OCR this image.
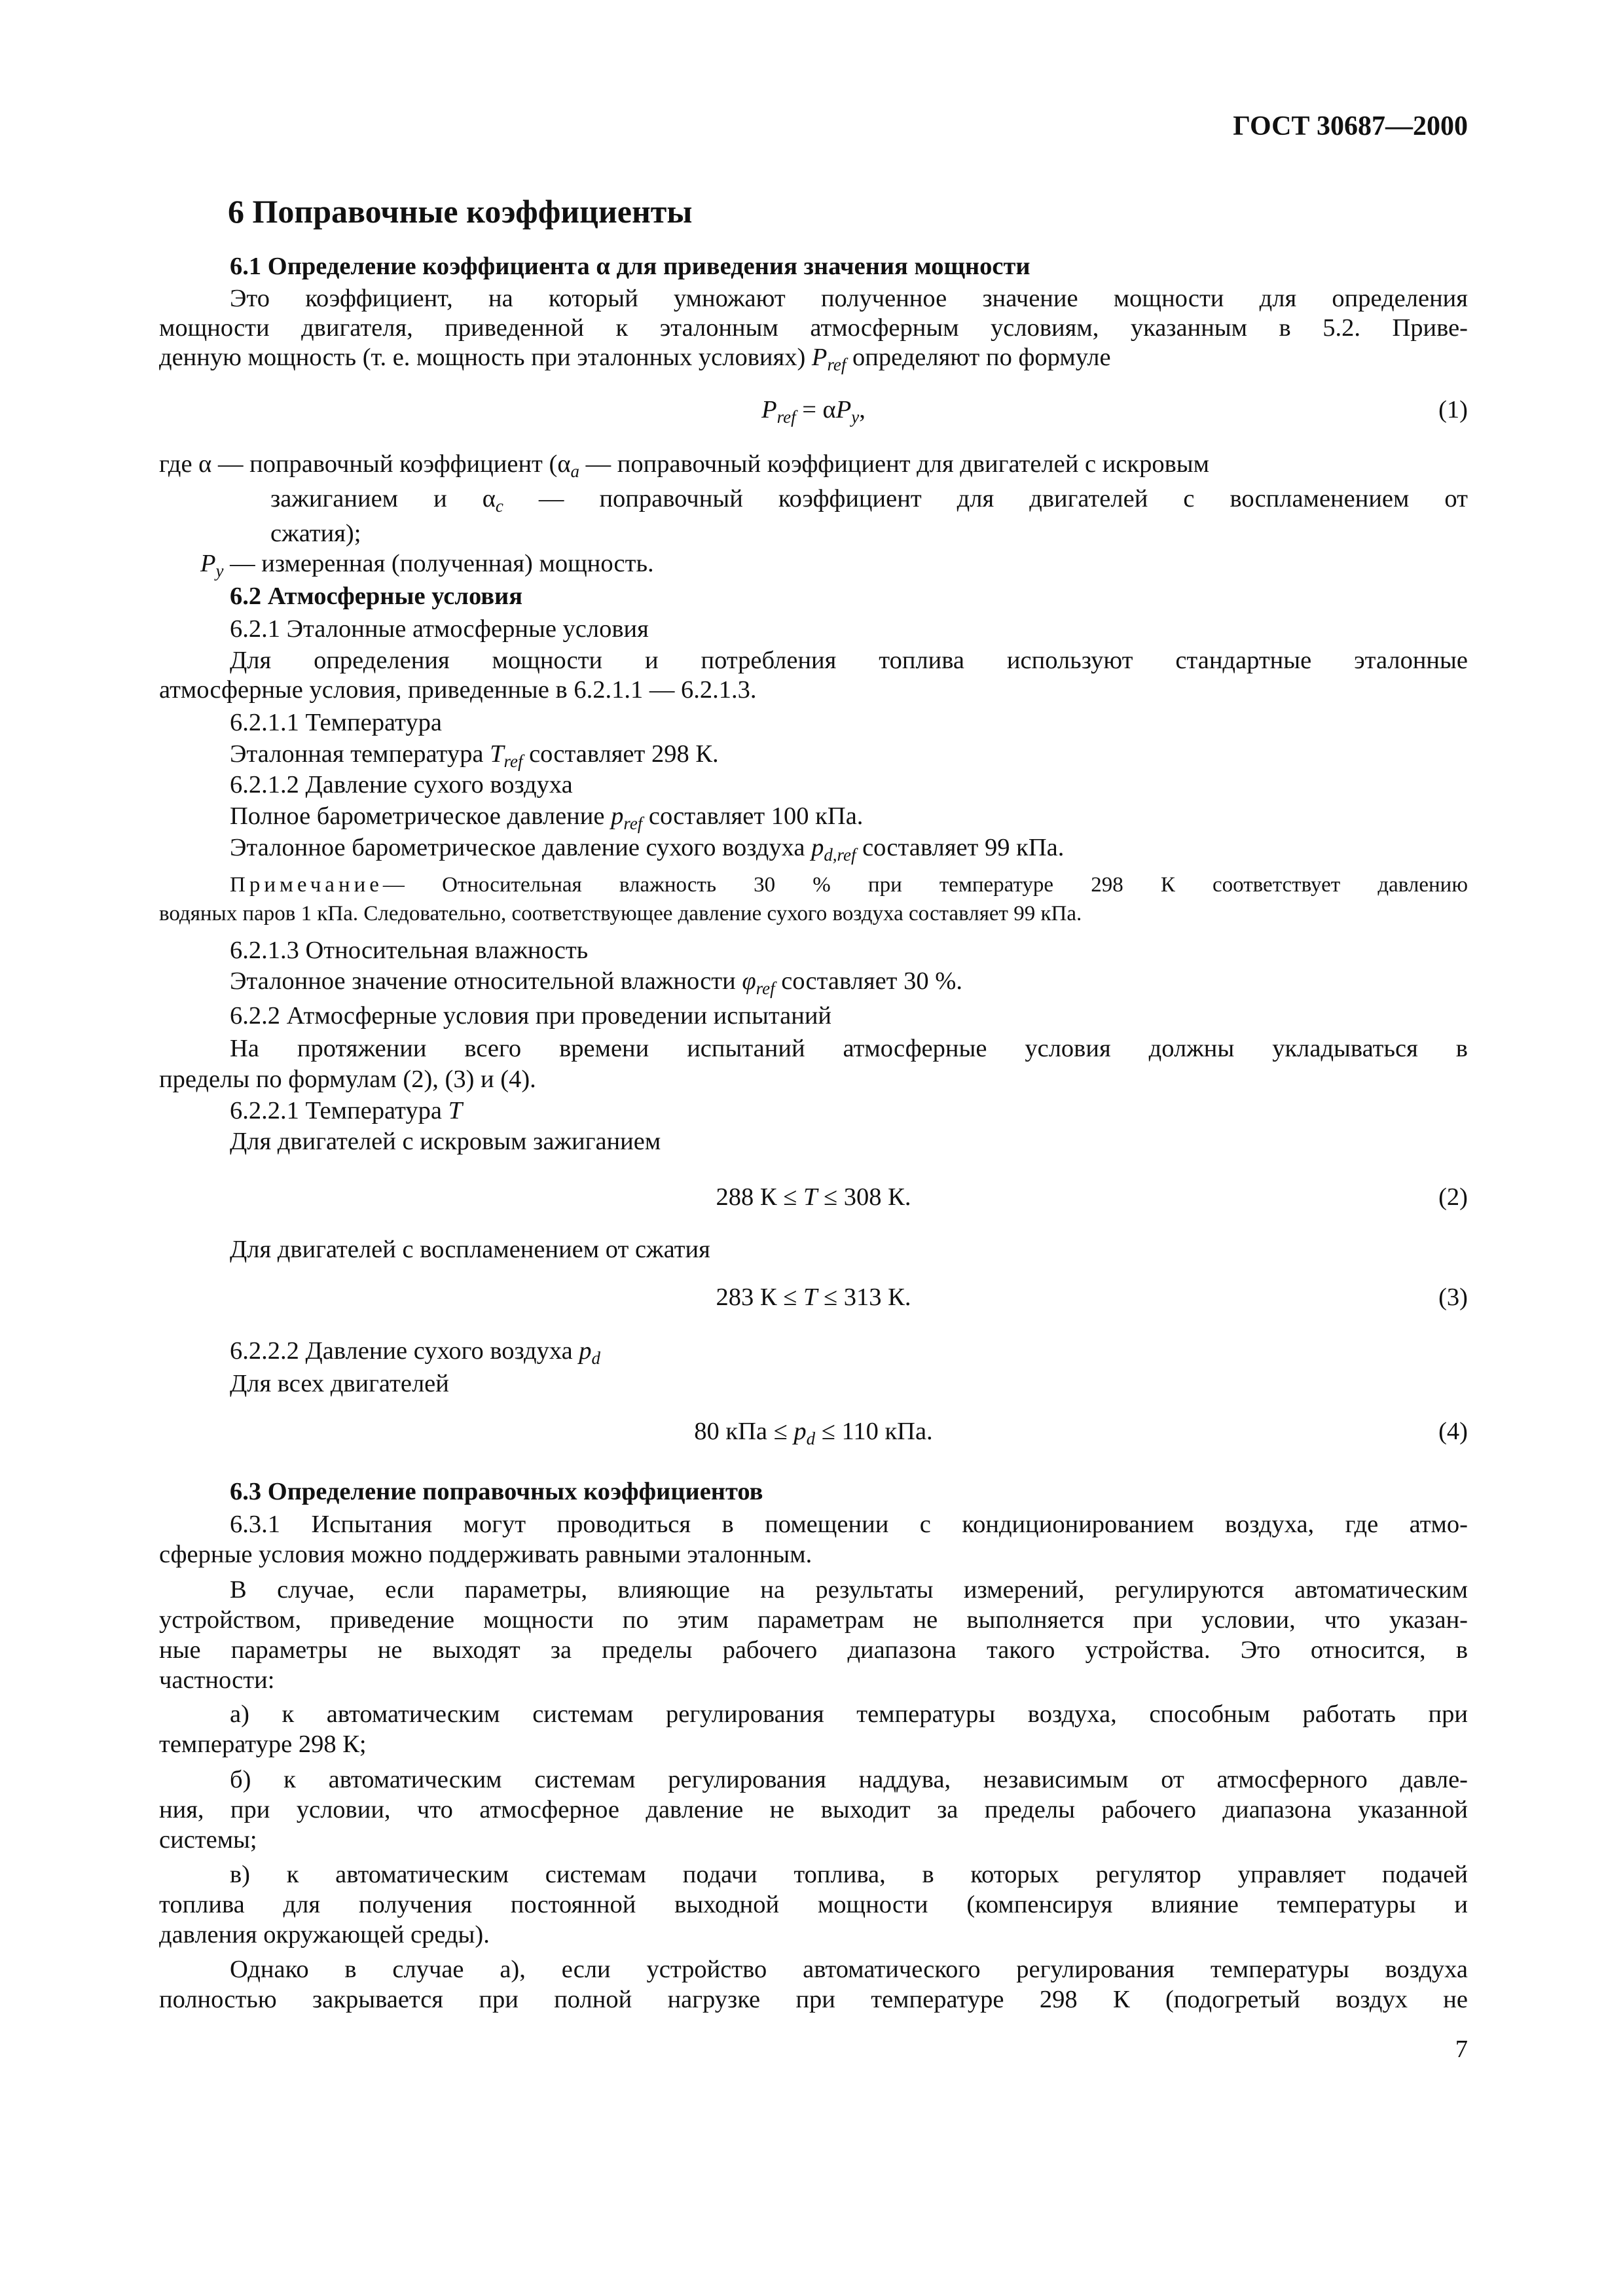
ГОСТ 30687—2000
6 Поправочные коэффициенты
6.1 Определение коэффициента α для приведения значения мощности
Это коэффициент, на который умножают полученное значение мощности для определения
мощности двигателя, приведенной к эталонным атмосферным условиям, указанным в 5.2. Приве-
денную мощность (т. е. мощность при эталонных условиях) $P_{ref}$ определяют по формуле
$P_{ref} = \alpha P_y$,	(1)
где α — поправочный коэффициент ($\alpha_a$ — поправочный коэффициент для двигателей с искровым
зажиганием и $\alpha_c$ — поправочный коэффициент для двигателей с воспламенением от
сжатия);
$P_y$ — измеренная (полученная) мощность.
6.2 Атмосферные условия
6.2.1 Эталонные атмосферные условия
Для определения мощности и потребления топлива используют стандартные эталонные
атмосферные условия, приведенные в 6.2.1.1 — 6.2.1.3.
6.2.1.1 Температура
Эталонная температура $T_{ref}$ составляет 298 К.
6.2.1.2 Давление сухого воздуха
Полное барометрическое давление $p_{ref}$ составляет 100 кПа.
Эталонное барометрическое давление сухого воздуха $p_{d,ref}$ составляет 99 кПа.
Примечание— Относительная влажность 30 % при температуре 298 К соответствует давлению
водяных паров 1 кПа. Следовательно, соответствующее давление сухого воздуха составляет 99 кПа.
6.2.1.3 Относительная влажность
Эталонное значение относительной влажности $\varphi_{ref}$ составляет 30 %.
6.2.2 Атмосферные условия при проведении испытаний
На протяжении всего времени испытаний атмосферные условия должны укладываться в
пределы по формулам (2), (3) и (4).
6.2.2.1 Температура T
Для двигателей с искровым зажиганием
288 К ≤ T ≤ 308 К.	(2)
Для двигателей с воспламенением от сжатия
283 К ≤ T ≤ 313 К.	(3)
6.2.2.2 Давление сухого воздуха $p_d$
Для всех двигателей
80 кПа ≤ $p_d \le 110$ кПа.	(4)
6.3 Определение поправочных коэффициентов
6.3.1 Испытания могут проводиться в помещении с кондиционированием воздуха, где атмо-
сферные условия можно поддерживать равными эталонным.
В случае, если параметры, влияющие на результаты измерений, регулируются автоматическим
устройством, приведение мощности по этим параметрам не выполняется при условии, что указан-
ные параметры не выходят за пределы рабочего диапазона такого устройства. Это относится, в
частности:
а) к автоматическим системам регулирования температуры воздуха, способным работать при
температуре 298 К;
б) к автоматическим системам регулирования наддува, независимым от атмосферного давле-
ния, при условии, что атмосферное давление не выходит за пределы рабочего диапазона указанной
системы;
в) к автоматическим системам подачи топлива, в которых регулятор управляет подачей
топлива для получения постоянной выходной мощности (компенсируя влияние температуры и
давления окружающей среды).
Однако в случае а), если устройство автоматического регулирования температуры воздуха
полностью закрывается при полной нагрузке при температуре 298 К (подогретый воздух не
7
